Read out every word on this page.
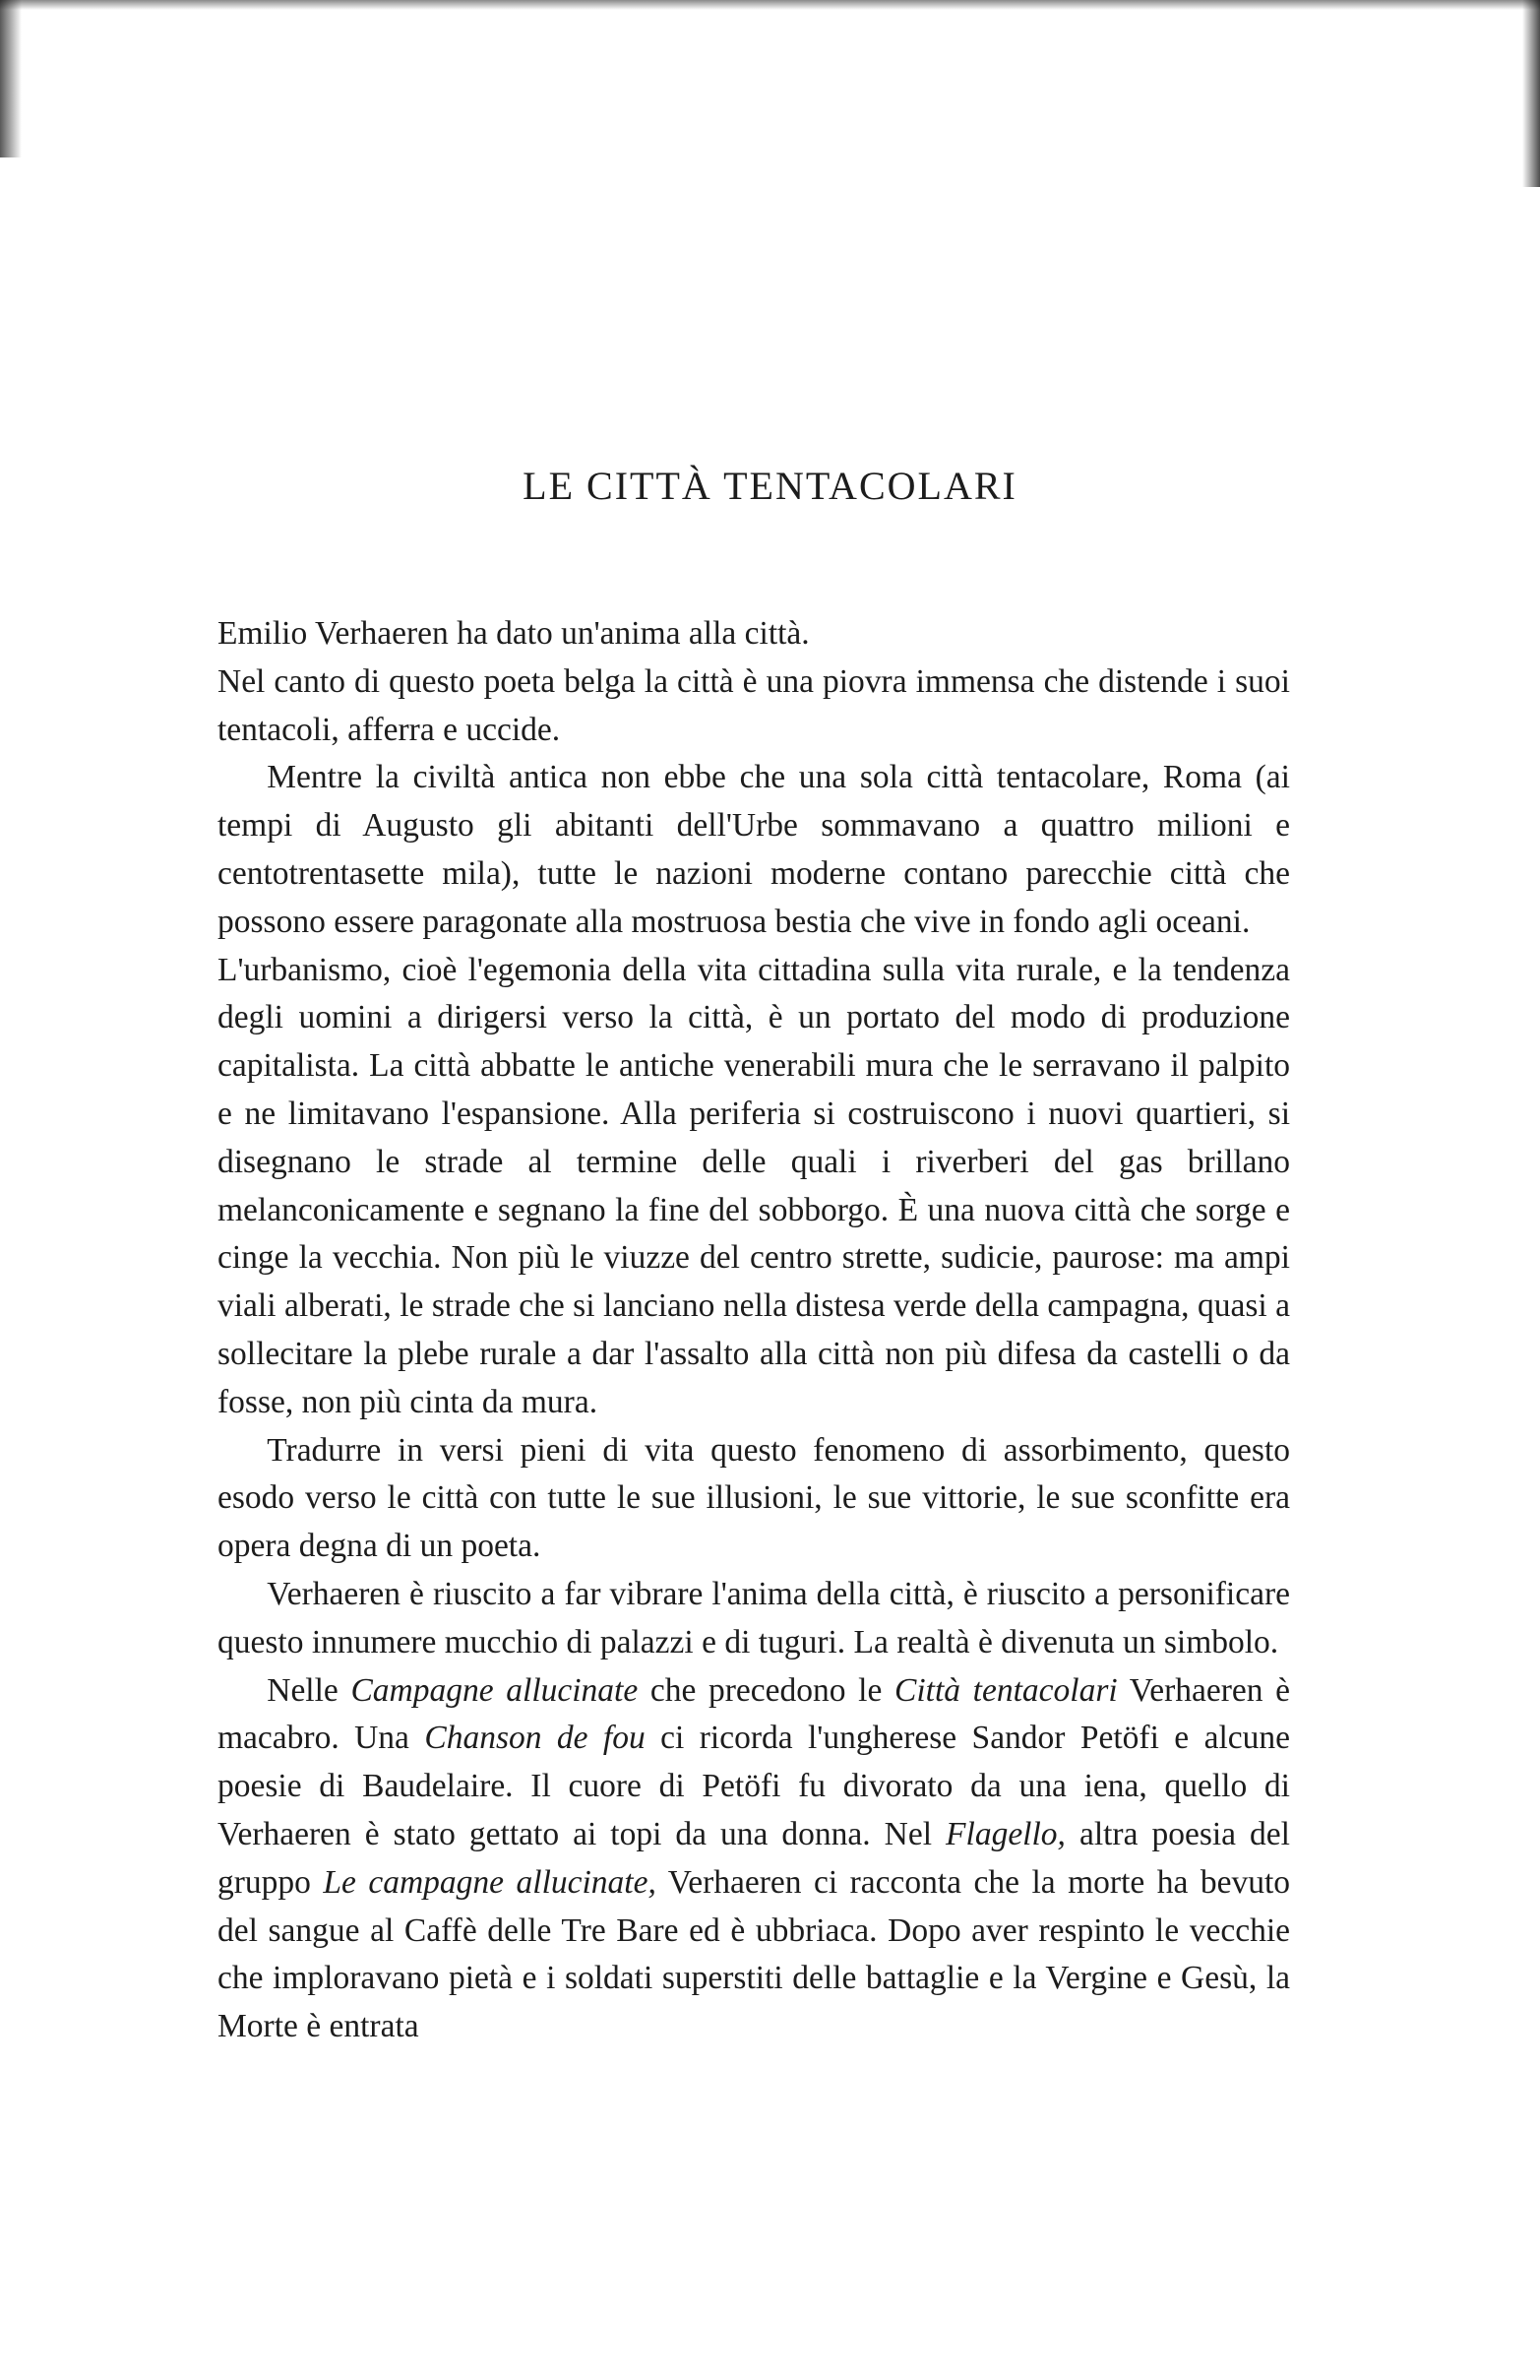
LE CITTÀ TENTACOLARI

Emilio Verhaeren ha dato un'anima alla città.

Nel canto di questo poeta belga la città è una piovra immensa che distende i suoi tentacoli, afferra e uccide.

Mentre la civiltà antica non ebbe che una sola città tentacolare, Roma (ai tempi di Augusto gli abitanti dell'Urbe sommavano a quattro milioni e centotrentasette mila), tutte le nazioni moderne contano parecchie città che possono essere paragonate alla mostruosa bestia che vive in fondo agli oceani.

L'urbanismo, cioè l'egemonia della vita cittadina sulla vita rurale, e la tendenza degli uomini a dirigersi verso la città, è un portato del modo di produzione capitalista. La città abbatte le antiche venerabili mura che le serravano il palpito e ne limitavano l'espansione. Alla periferia si costruiscono i nuovi quartieri, si disegnano le strade al termine delle quali i riverberi del gas brillano melanconicamente e segnano la fine del sobborgo. È una nuova città che sorge e cinge la vecchia. Non più le viuzze del centro strette, sudicie, paurose: ma ampi viali alberati, le strade che si lanciano nella distesa verde della campagna, quasi a sollecitare la plebe rurale a dar l'assalto alla città non più difesa da castelli o da fosse, non più cinta da mura.

Tradurre in versi pieni di vita questo fenomeno di assorbimento, questo esodo verso le città con tutte le sue illusioni, le sue vittorie, le sue sconfitte era opera degna di un poeta.

Verhaeren è riuscito a far vibrare l'anima della città, è riuscito a personificare questo innumere mucchio di palazzi e di tuguri. La realtà è divenuta un simbolo.

Nelle Campagne allucinate che precedono le Città tentacolari Verhaeren è macabro. Una Chanson de fou ci ricorda l'ungherese Sandor Petöfi e alcune poesie di Baudelaire. Il cuore di Petöfi fu divorato da una iena, quello di Verhaeren è stato gettato ai topi da una donna. Nel Flagello, altra poesia del gruppo Le campagne allucinate, Verhaeren ci racconta che la morte ha bevuto del sangue al Caffè delle Tre Bare ed è ubbriaca. Dopo aver respinto le vecchie che imploravano pietà e i soldati superstiti delle battaglie e la Vergine e Gesù, la Morte è entrata
